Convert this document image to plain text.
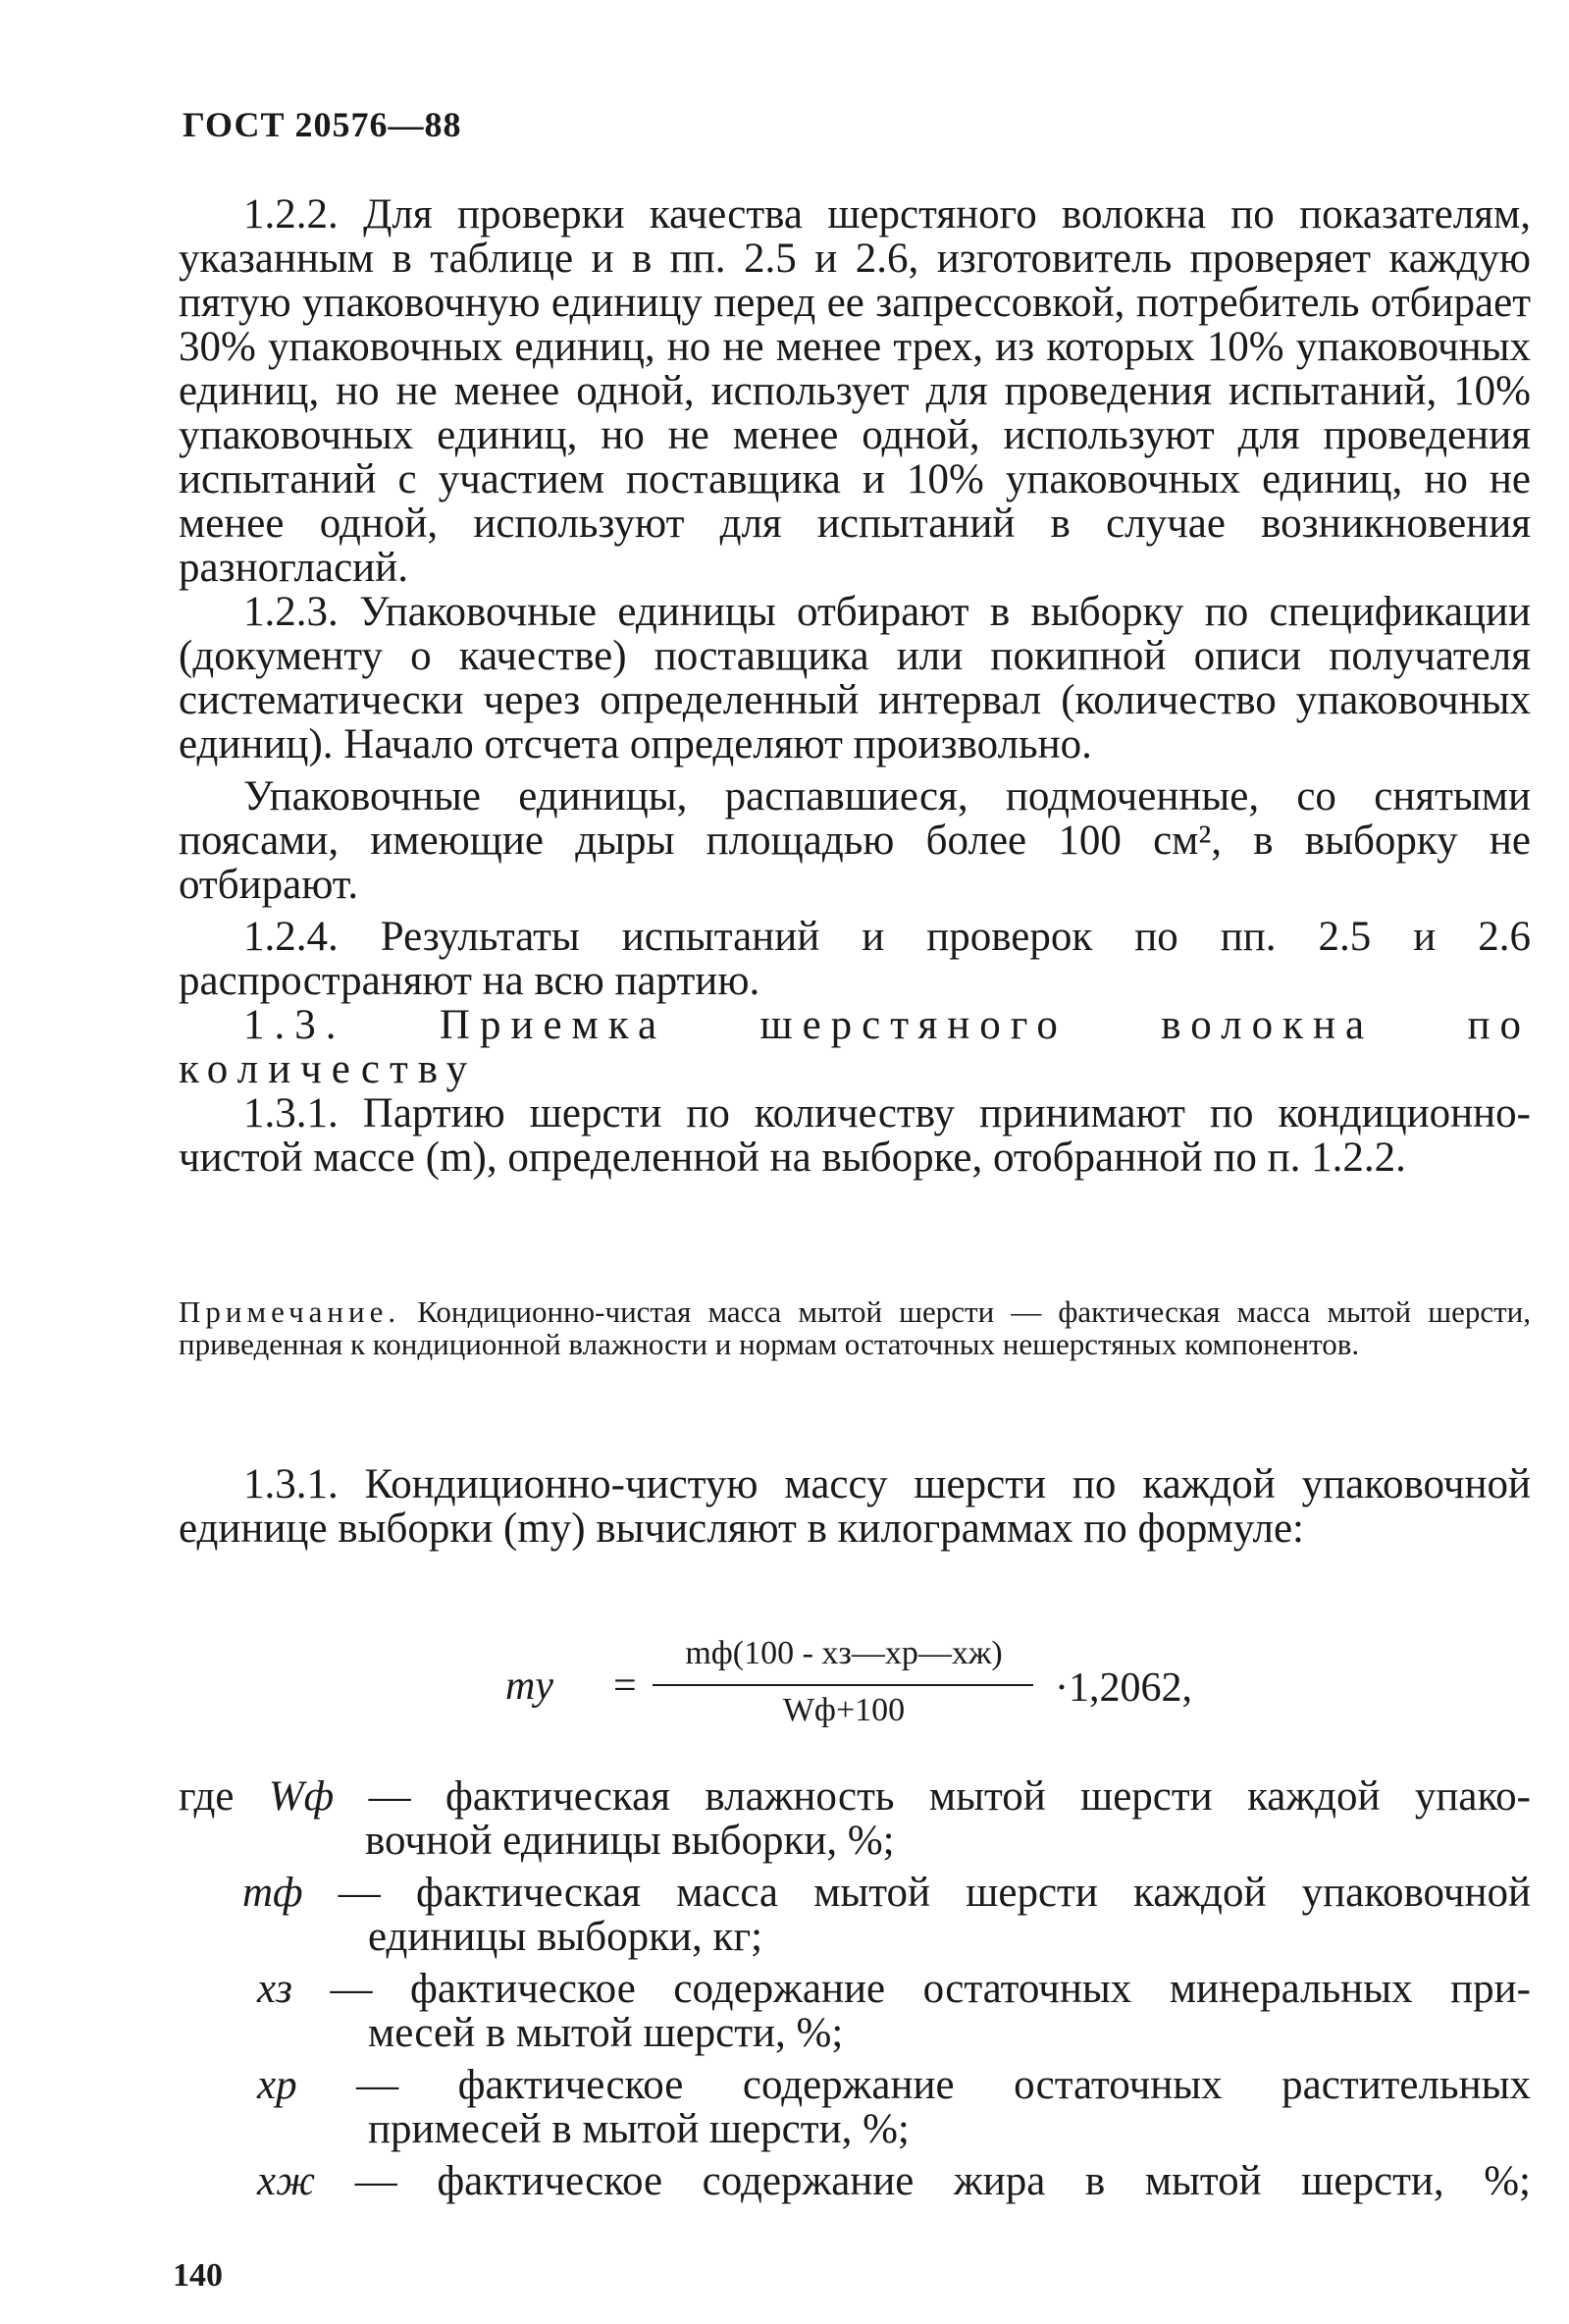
ГОСТ 20576—88

1.2.2. Для проверки качества шерстяного волокна по показателям, указанным в таблице и в пп. 2.5 и 2.6, изготовитель проверяет каждую пятую упаковочную единицу перед ее запрессовкой, потребитель отбирает 30% упаковочных единиц, но не менее трех, из которых 10% упаковочных единиц, но не менее одной, использует для проведения испытаний, 10% упаковочных единиц, но не менее одной, используют для проведения испытаний с участием поставщика и 10% упаковочных единиц, но не менее одной, используют для испытаний в случае возникновения разногласий.

1.2.3. Упаковочные единицы отбирают в выборку по спецификации (документу о качестве) поставщика или покипной описи получателя систематически через определенный интервал (количество упаковочных единиц). Начало отсчета определяют произвольно.

Упаковочные единицы, распавшиеся, подмоченные, со снятыми поясами, имеющие дыры площадью более 100 см², в выборку не отбирают.

1.2.4. Результаты испытаний и проверок по пп. 2.5 и 2.6 распространяют на всю партию.

1.3. Приемка шерстяного волокна по количеству

1.3.1. Партию шерсти по количеству принимают по кондиционно-чистой массе (m), определенной на выборке, отобранной по п. 1.2.2.

Примечание. Кондиционно-чистая масса мытой шерсти — фактическая масса мытой шерсти, приведенная к кондиционной влажности и нормам остаточных нешерстяных компонентов.

1.3.1. Кондиционно-чистую массу шерсти по каждой упаковочной единице выборки (mу) вычисляют в килограммах по формуле:

mу =
mф(100 - xз—xр—xж)
Wф+100	·1,2062,
где Wф — фактическая влажность мытой шерсти каждой упако-
вочной единицы выборки, %;
mф — фактическая масса мытой шерсти каждой упаковочной
единицы выборки, кг;
xз — фактическое содержание остаточных минеральных при-
месей в мытой шерсти, %;
xр — фактическое содержание остаточных растительных
примесей в мытой шерсти, %;
xж — фактическое содержание жира в мытой шерсти, %;
140
